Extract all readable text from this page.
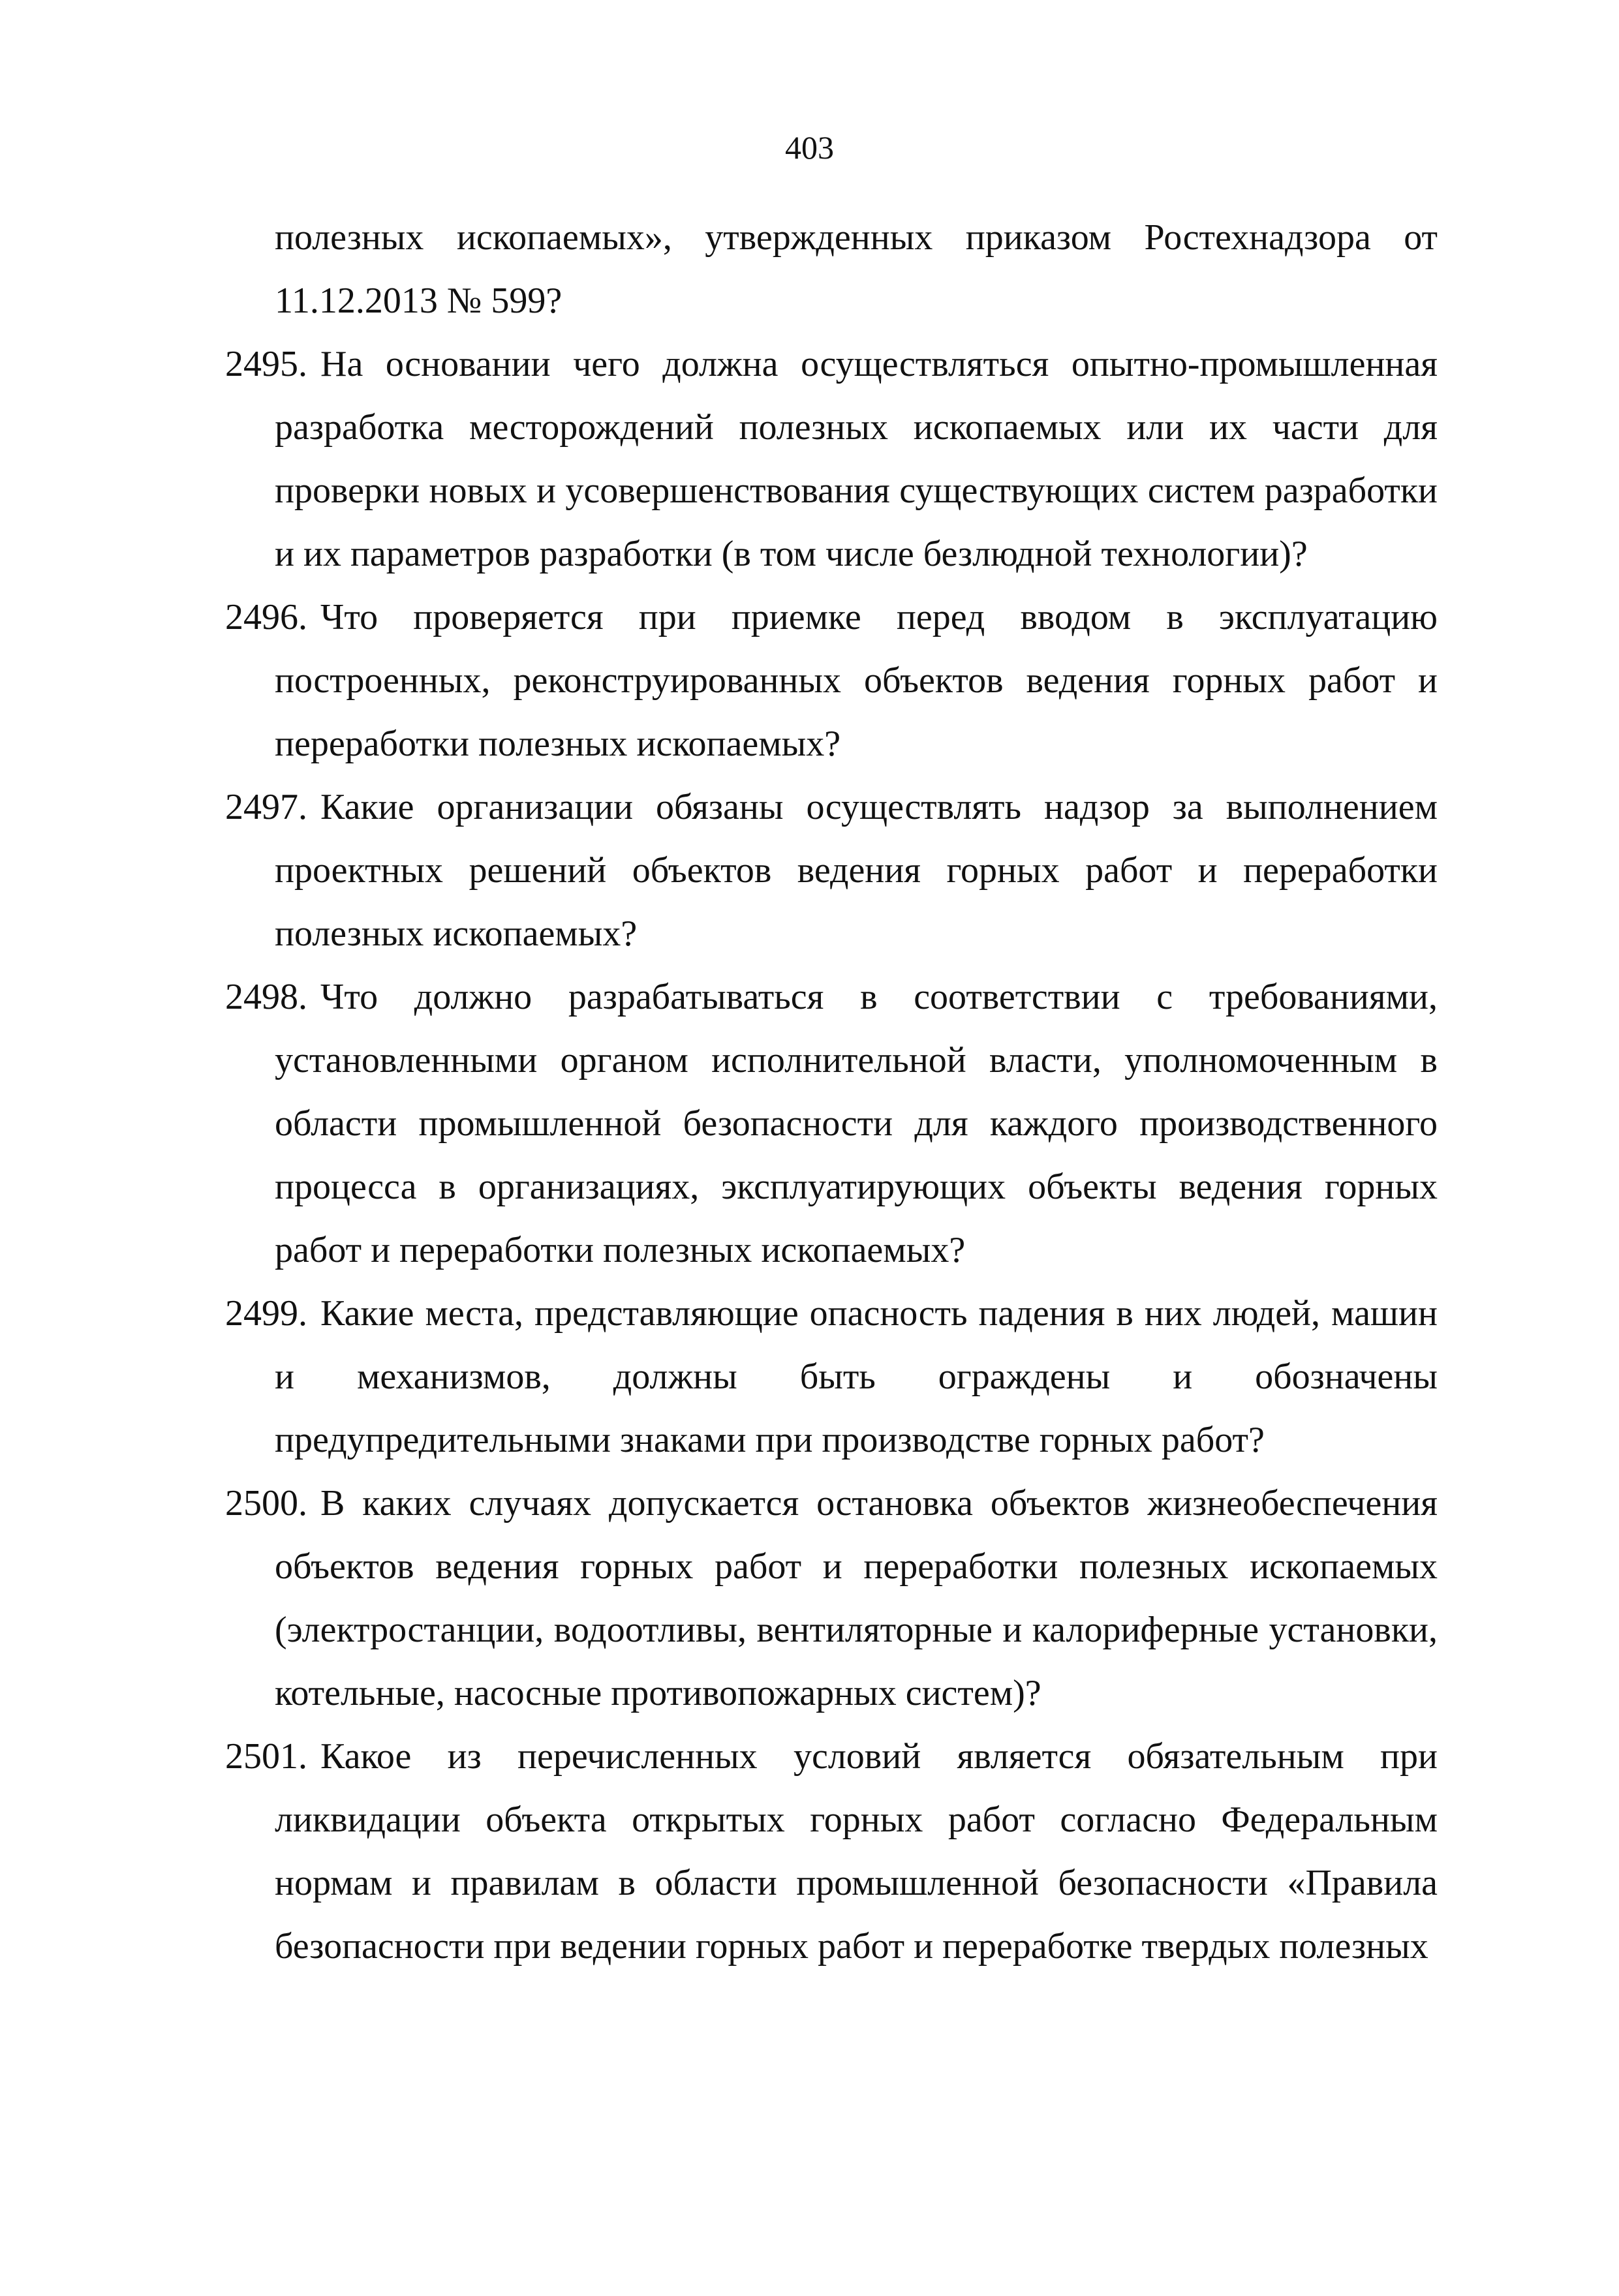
403
полезных ископаемых», утвержденных приказом Ростехнадзора от 11.12.2013 № 599?
2495. На основании чего должна осуществляться опытно-промышленная разработка месторождений полезных ископаемых или их части для проверки новых и усовершенствования существующих систем разработки и их параметров разработки (в том числе безлюдной технологии)?
2496. Что проверяется при приемке перед вводом в эксплуатацию построенных, реконструированных объектов ведения горных работ и переработки полезных ископаемых?
2497. Какие организации обязаны осуществлять надзор за выполнением проектных решений объектов ведения горных работ и переработки полезных ископаемых?
2498. Что должно разрабатываться в соответствии с требованиями, установленными органом исполнительной власти, уполномоченным в области промышленной безопасности для каждого производственного процесса в организациях, эксплуатирующих объекты ведения горных работ и переработки полезных ископаемых?
2499. Какие места, представляющие опасность падения в них людей, машин и механизмов, должны быть ограждены и обозначены предупредительными знаками при производстве горных работ?
2500. В каких случаях допускается остановка объектов жизнеобеспечения объектов ведения горных работ и переработки полезных ископаемых (электростанции, водоотливы, вентиляторные и калориферные установки, котельные, насосные противопожарных систем)?
2501. Какое из перечисленных условий является обязательным при ликвидации объекта открытых горных работ согласно Федеральным нормам и правилам в области промышленной безопасности «Правила безопасности при ведении горных работ и переработке твердых полезных
